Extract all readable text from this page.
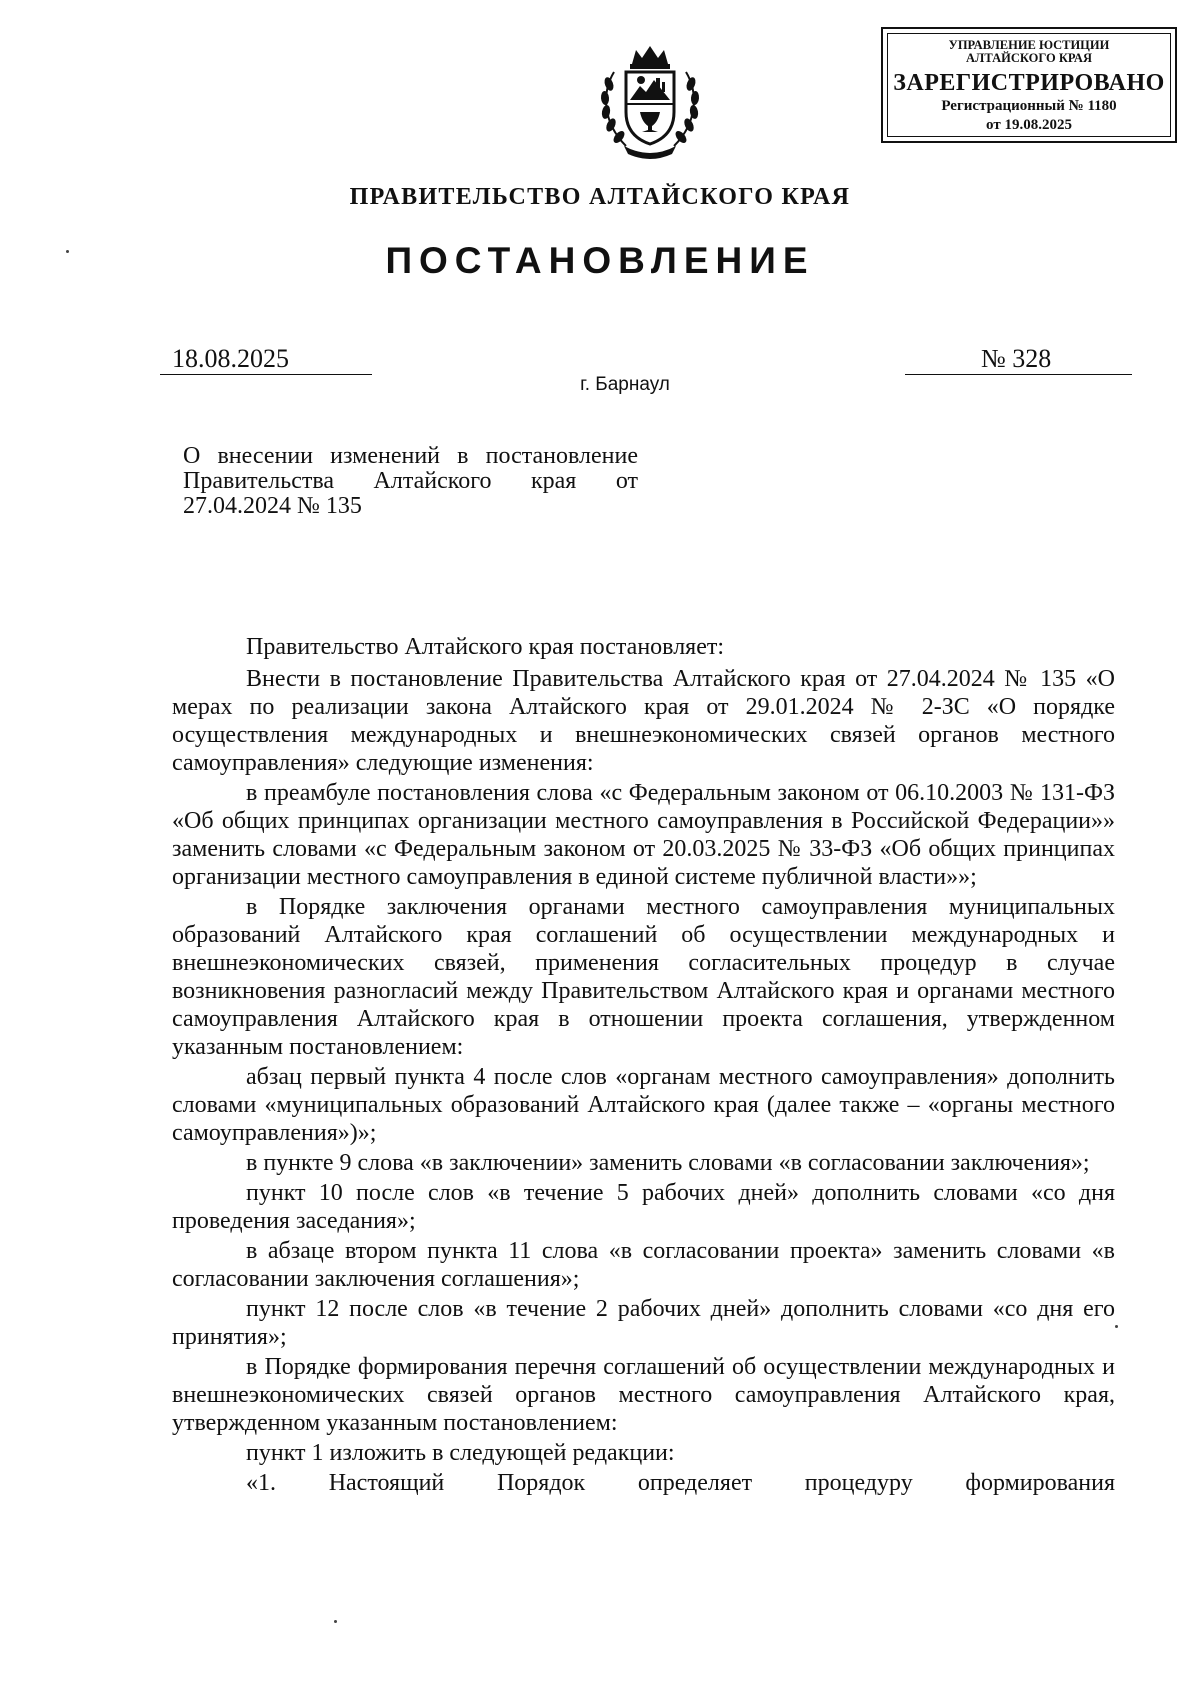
УПРАВЛЕНИЕ ЮСТИЦИИ
АЛТАЙСКОГО КРАЯ
ЗАРЕГИСТРИРОВАНО
Регистрационный № 1180
от 19.08.2025
ПРАВИТЕЛЬСТВО АЛТАЙСКОГО КРАЯ
ПОСТАНОВЛЕНИЕ
18.08.2025	№ 328
г. Барнаул
О внесении изменений в постановление Правительства Алтайского края от 27.04.2024 № 135

Правительство Алтайского края постановляет:

Внести в постановление Правительства Алтайского края от 27.04.2024 № 135 «О мерах по реализации закона Алтайского края от 29.01.2024 № 2-ЗС «О порядке осуществления международных и внешнеэкономических связей органов местного самоуправления» следующие изменения:

в преамбуле постановления слова «с Федеральным законом от 06.10.2003 № 131-ФЗ «Об общих принципах организации местного самоуправления в Российской Федерации»» заменить словами «с Федеральным законом от 20.03.2025 № 33-ФЗ «Об общих принципах организации местного самоуправления в единой системе публичной власти»»;

в Порядке заключения органами местного самоуправления муниципальных образований Алтайского края соглашений об осуществлении международных и внешнеэкономических связей, применения согласительных процедур в случае возникновения разногласий между Правительством Алтайского края и органами местного самоуправления Алтайского края в отношении проекта соглашения, утвержденном указанным постановлением:

абзац первый пункта 4 после слов «органам местного самоуправления» дополнить словами «муниципальных образований Алтайского края (далее также – «органы местного самоуправления»)»;

в пункте 9 слова «в заключении» заменить словами «в согласовании заключения»;

пункт 10 после слов «в течение 5 рабочих дней» дополнить словами «со дня проведения заседания»;

в абзаце втором пункта 11 слова «в согласовании проекта» заменить словами «в согласовании заключения соглашения»;

пункт 12 после слов «в течение 2 рабочих дней» дополнить словами «со дня его принятия»;

в Порядке формирования перечня соглашений об осуществлении международных и внешнеэкономических связей органов местного самоуправления Алтайского края, утвержденном указанным постановлением:

пункт 1 изложить в следующей редакции:

«1. Настоящий Порядок определяет процедуру формирования
